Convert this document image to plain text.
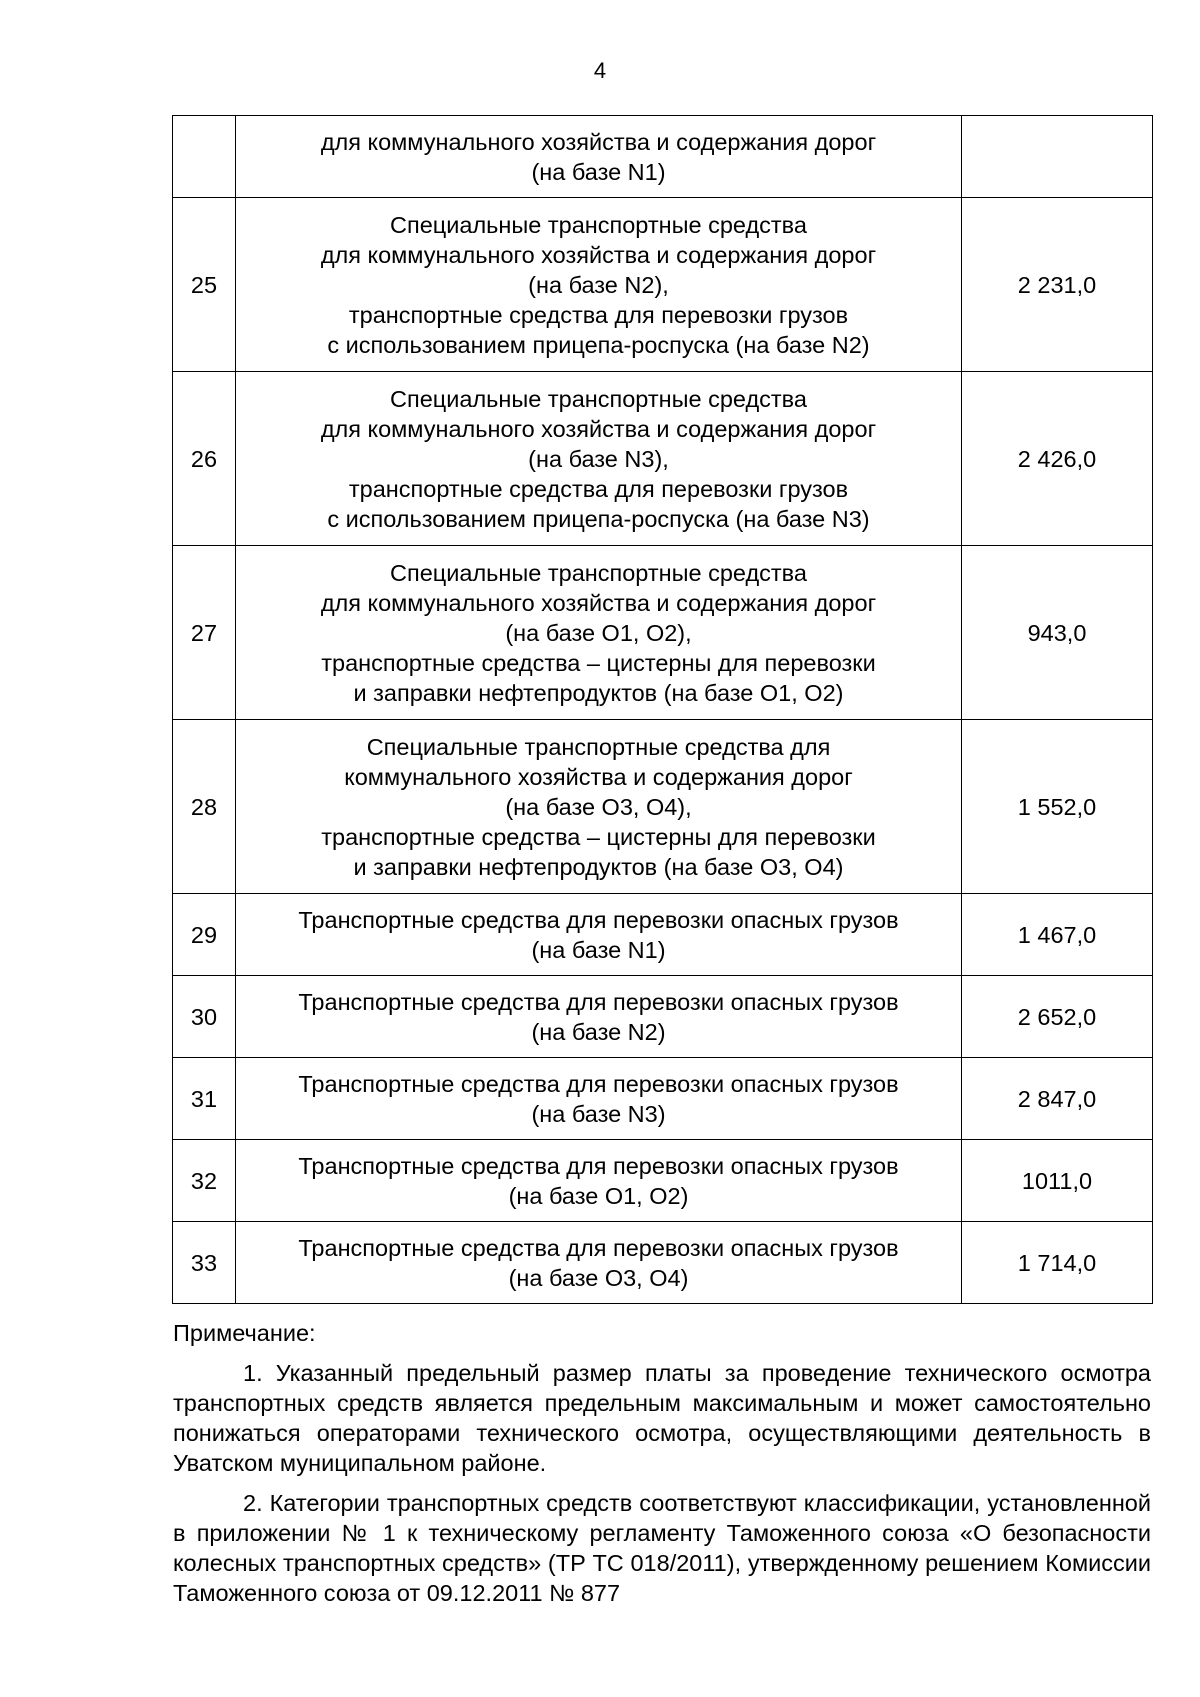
4
	для коммунального хозяйства и содержания дорог
(на базе N1)	
25	Специальные транспортные средства
для коммунального хозяйства и содержания дорог
(на базе N2),
транспортные средства для перевозки грузов
с использованием прицепа-роспуска (на базе N2)	2 231,0
26	Специальные транспортные средства
для коммунального хозяйства и содержания дорог
(на базе N3),
транспортные средства для перевозки грузов
с использованием прицепа-роспуска (на базе N3)	2 426,0
27	Специальные транспортные средства
для коммунального хозяйства и содержания дорог
(на базе O1, O2),
транспортные средства – цистерны для перевозки
и заправки нефтепродуктов (на базе O1, O2)	943,0
28	Специальные транспортные средства для
коммунального хозяйства и содержания дорог
(на базе O3, O4),
транспортные средства – цистерны для перевозки
и заправки нефтепродуктов (на базе O3, O4)	1 552,0
29	Транспортные средства для перевозки опасных грузов
(на базе N1)	1 467,0
30	Транспортные средства для перевозки опасных грузов
(на базе N2)	2 652,0
31	Транспортные средства для перевозки опасных грузов
(на базе N3)	2 847,0
32	Транспортные средства для перевозки опасных грузов
(на базе O1, O2)	1011,0
33	Транспортные средства для перевозки опасных грузов
(на базе O3, O4)	1 714,0

Примечание:

1. Указанный предельный размер платы за проведение технического осмотра транспортных средств является предельным максимальным и может самостоятельно понижаться операторами технического осмотра, осуществляющими деятельность в Уватском муниципальном районе.

2. Категории транспортных средств соответствуют классификации, установленной в приложении № 1 к техническому регламенту Таможенного союза «О безопасности колесных транспортных средств» (ТР ТС 018/2011), утвержденному решением Комиссии Таможенного союза от 09.12.2011 № 877
